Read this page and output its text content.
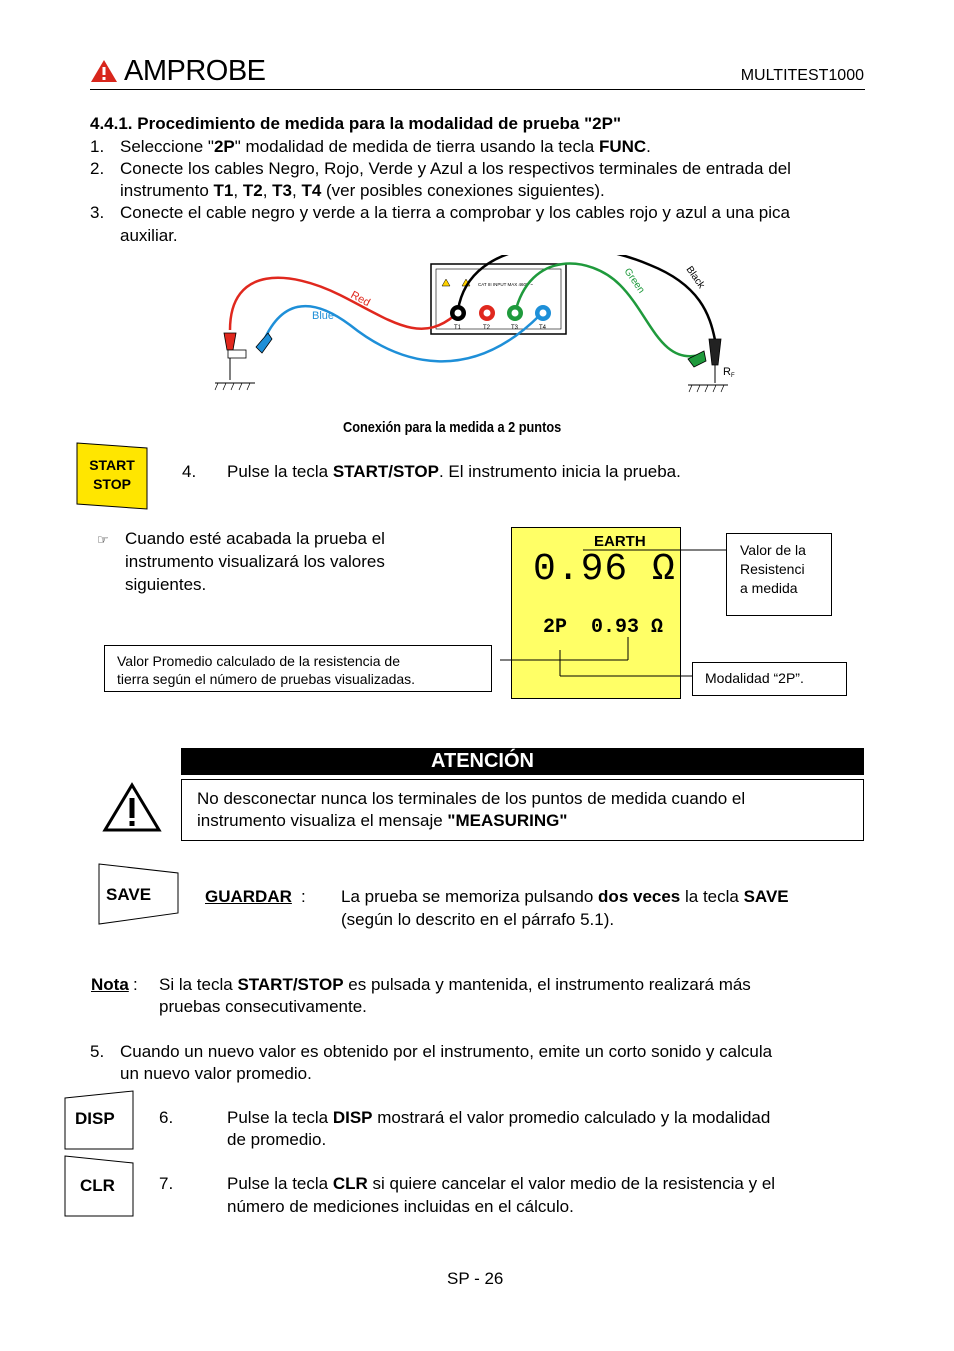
AMPROBE	MULTITEST1000
4.4.1. Procedimiento de medida para la modalidad de prueba "2P"
1. Seleccione "2P" modalidad de medida de tierra usando la tecla FUNC.
2. Conecte los cables Negro, Rojo, Verde y Azul a los respectivos terminales de entrada del
instrumento T1, T2, T3, T4 (ver posibles conexiones siguientes).
3. Conecte el cable negro y verde a la tierra a comprobar y los cables rojo y azul a una pica
auxiliar.
CAT III INPUT MAX 460V ~
T1	T2	T3	T4
Red
Blue
Green	Black
R F
Conexión para la medida a 2 puntos
START
STOP
4. Pulse la tecla START/STOP. El instrumento inicia la prueba.
☞ Cuando esté acabada la prueba el
instrumento visualizará los valores
siguientes.
EARTH
0.96 Ω
2P  0.93 Ω
Valor de la
Resistenci
a medida
Valor Promedio calculado de la resistencia de
tierra según el número de pruebas visualizadas.	Modalidad “2P”.
ATENCIÓN
No desconectar nunca los terminales de los puntos de medida cuando el
instrumento visualiza el mensaje "MEASURING"
SAVE	GUARDAR : La prueba se memoriza pulsando dos veces la tecla SAVE
(según lo descrito en el párrafo 5.1).
Nota : Si la tecla START/STOP es pulsada y mantenida, el instrumento realizará más
pruebas consecutivamente.
5. Cuando un nuevo valor es obtenido por el instrumento, emite un corto sonido y calcula
un nuevo valor promedio.
DISP	6.	Pulse la tecla DISP mostrará el valor promedio calculado y la modalidad
de promedio.
CLR	7.	Pulse la tecla CLR si quiere cancelar el valor medio de la resistencia y el
número de mediciones incluidas en el cálculo.
SP - 26
